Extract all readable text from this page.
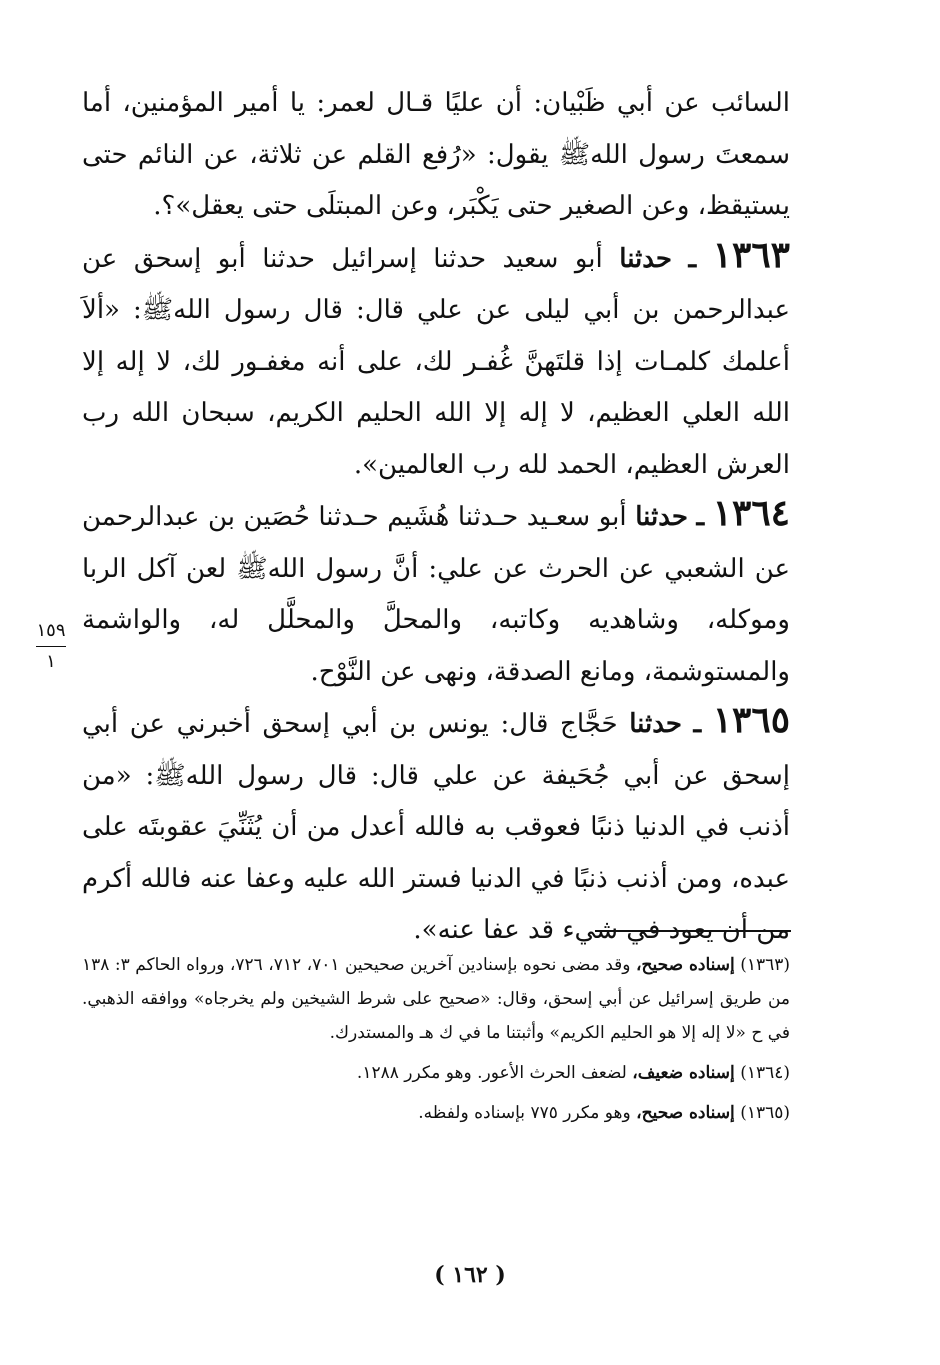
السائب عن أبي ظَبْيان: أن عليًا قـال لعمر: يا أمير المؤمنين، أما سمعتَ رسول اللهﷺ يقول: «رُفع القلم عن ثلاثة، عن النائم حتى يستيقظ، وعن الصغير حتى يَكْبَر، وعن المبتلَى حتى يعقل»؟.

١٣٦٣ ـ حدثنا أبو سعيد حدثنا إسرائيل حدثنا أبو إسحق عن عبدالرحمن بن أبي ليلى عن علي قال: قال رسول اللهﷺ: «ألاَ أعلمك كلمـات إذا قلتَهنَّ غُفـر لك، على أنه مغفـور لك، لا إله إلا الله العلي العظيم، لا إله إلا الله الحليم الكريم، سبحان الله رب العرش العظيم، الحمد لله رب العالمين».

١٣٦٤ ـ حدثنا أبو سعـيد حـدثنا هُشَيم حـدثنا حُصَين بن عبدالرحمن عن الشعبي عن الحرث عن علي: أنَّ رسول اللهﷺ لعن آكل الربا وموكله، وشاهديه وكاتبه، والمحلَّ والمحلَّل له، والواشمة والمستوشمة، ومانع الصدقة، ونهى عن النَّوْح.

١٣٦٥ ـ حدثنا حَجَّاج قال: يونس بن أبي إسحق أخبرني عن أبي إسحق عن أبي جُحَيفة عن علي قال: قال رسول اللهﷺ: «من أذنب في الدنيا ذنبًا فعوقب به فالله أعدل من أن يُثَنِّيَ عقوبتَه على عبده، ومن أذنب ذنبًا في الدنيا فستر الله عليه وعفا عنه فالله أكرم من أن يعود في شيء قد عفا عنه».

١٥٩
١

(١٣٦٣) إسناده صحيح، وقد مضى نحوه بإسنادين آخرين صحيحين ٧٠١، ٧١٢، ٧٢٦، ورواه الحاكم ٣: ١٣٨ من طريق إسرائيل عن أبي إسحق، وقال: «صحيح على شرط الشيخين ولم يخرجاه» ووافقه الذهبي. في ح «لا إله إلا هو الحليم الكريم» وأثبتنا ما في ك هـ والمستدرك.

(١٣٦٤) إسناده ضعيف، لضعف الحرث الأعور. وهو مكرر ١٢٨٨.

(١٣٦٥) إسناده صحيح، وهو مكرر ٧٧٥ بإسناده ولفظه.

( ١٦٢ )
